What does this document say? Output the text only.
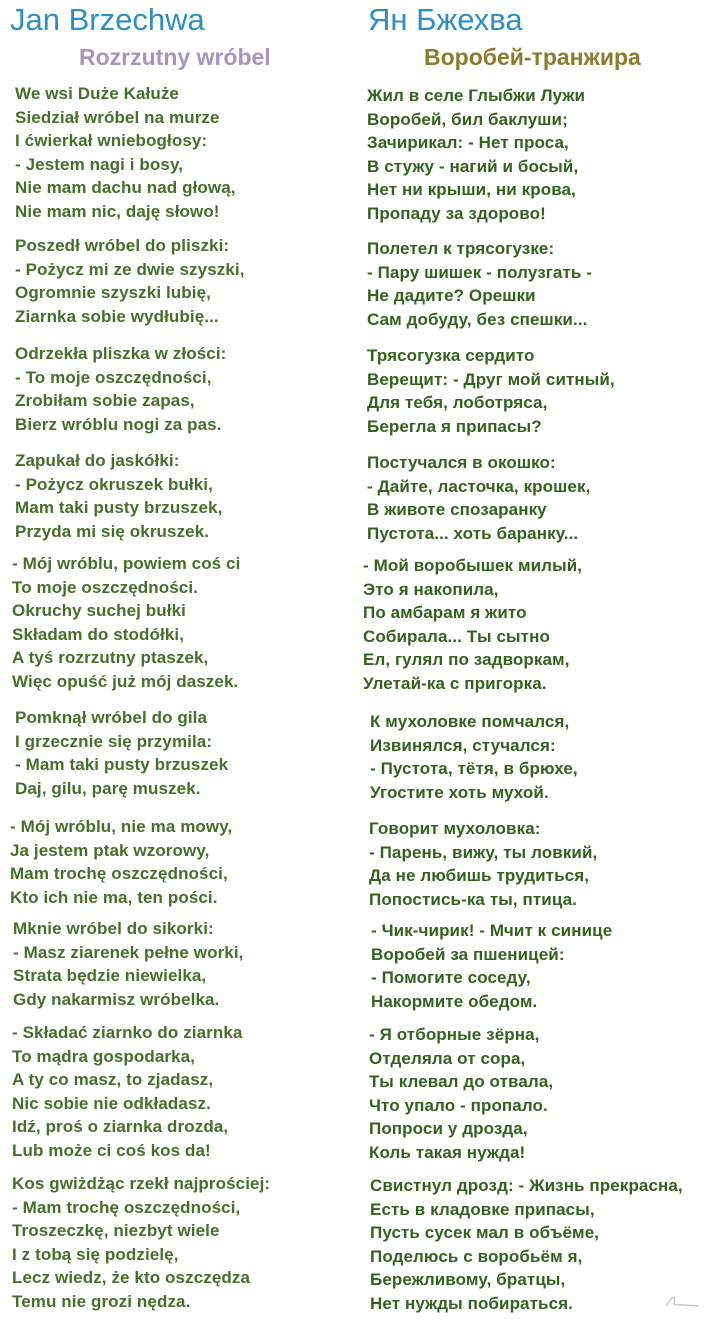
Jan Brzechwa
Rozrzutny wróbel
We wsi Duże Kałuże
Siedział wróbel na murze
I ćwierkał wniebogłosy:
- Jestem nagi i bosy,
Nie mam dachu nad głową,
Nie mam nic, daję słowo!
Poszedł wróbel do pliszki:
- Pożycz mi ze dwie szyszki,
Ogromnie szyszki lubię,
Ziarnka sobie wydłubię...
Odrzekła pliszka w złości:
- To moje oszczędności,
Zrobiłam sobie zapas,
Bierz wróblu nogi za pas.
Zapukał do jaskółki:
- Pożycz okruszek bułki,
Mam taki pusty brzuszek,
Przyda mi się okruszek.
- Mój wróblu, powiem coś ci
To moje oszczędności.
Okruchy suchej bułki
Składam do stodółki,
A tyś rozrzutny ptaszek,
Więc opuść już mój daszek.
Pomknął wróbel do gila
I grzecznie się przymila:
- Mam taki pusty brzuszek
Daj, gilu, parę muszek.
- Mój wróblu, nie ma mowy,
Ja jestem ptak wzorowy,
Mam trochę oszczędności,
Kto ich nie ma, ten pości.
Mknie wróbel do sikorki:
- Masz ziarenek pełne worki,
Strata będzie niewielka,
Gdy nakarmisz wróbelka.
- Składać ziarnko do ziarnka
To mądra gospodarka,
A ty co masz, to zjadasz,
Nic sobie nie odkładasz.
Idź, proś o ziarnka drozda,
Lub może ci coś kos da!
Kos gwiżdżąc rzekł najprościej:
- Mam trochę oszczędności,
Troszeczkę, niezbyt wiele
I z tobą się podzielę,
Lecz wiedz, że kto oszczędza
Temu nie grozi nędza.
Ян Бжехва
Воробей-транжира
Жил в селе Глыбжи Лужи
Воробей, бил баклуши;
Зачирикал: - Нет проса,
В стужу - нагий и босый,
Нет ни крыши, ни крова,
Пропаду за здорово!
Полетел к трясогузке:
- Пару шишек - полузгать -
Не дадите? Орешки
Сам добуду, без спешки...
Трясогузка сердито
Верещит: - Друг мой ситный,
Для тебя, лоботряса,
Берегла я припасы?
Постучался в окошко:
- Дайте, ласточка, крошек,
В животе спозаранку
Пустота... хоть баранку...
- Мой воробышек милый,
Это я накопила,
По амбарам я жито
Собирала... Ты сытно
Ел, гулял по задворкам,
Улетай-ка с пригорка.
К мухоловке помчался,
Извинялся, стучался:
- Пустота, тётя, в брюхе,
Угостите хоть мухой.
Говорит мухоловка:
- Парень, вижу, ты ловкий,
Да не любишь трудиться,
Попостись-ка ты, птица.
- Чик-чирик! - Мчит к синице
Воробей за пшеницей:
- Помогите соседу,
Накормите обедом.
- Я отборные зёрна,
Отделяла от сора,
Ты клевал до отвала,
Что упало - пропало.
Попроси у дрозда,
Коль такая нужда!
Свистнул дрозд: - Жизнь прекрасна,
Есть в кладовке припасы,
Пусть сусек мал в объёме,
Поделюсь с воробьём я,
Бережливому, братцы,
Нет нужды побираться.
